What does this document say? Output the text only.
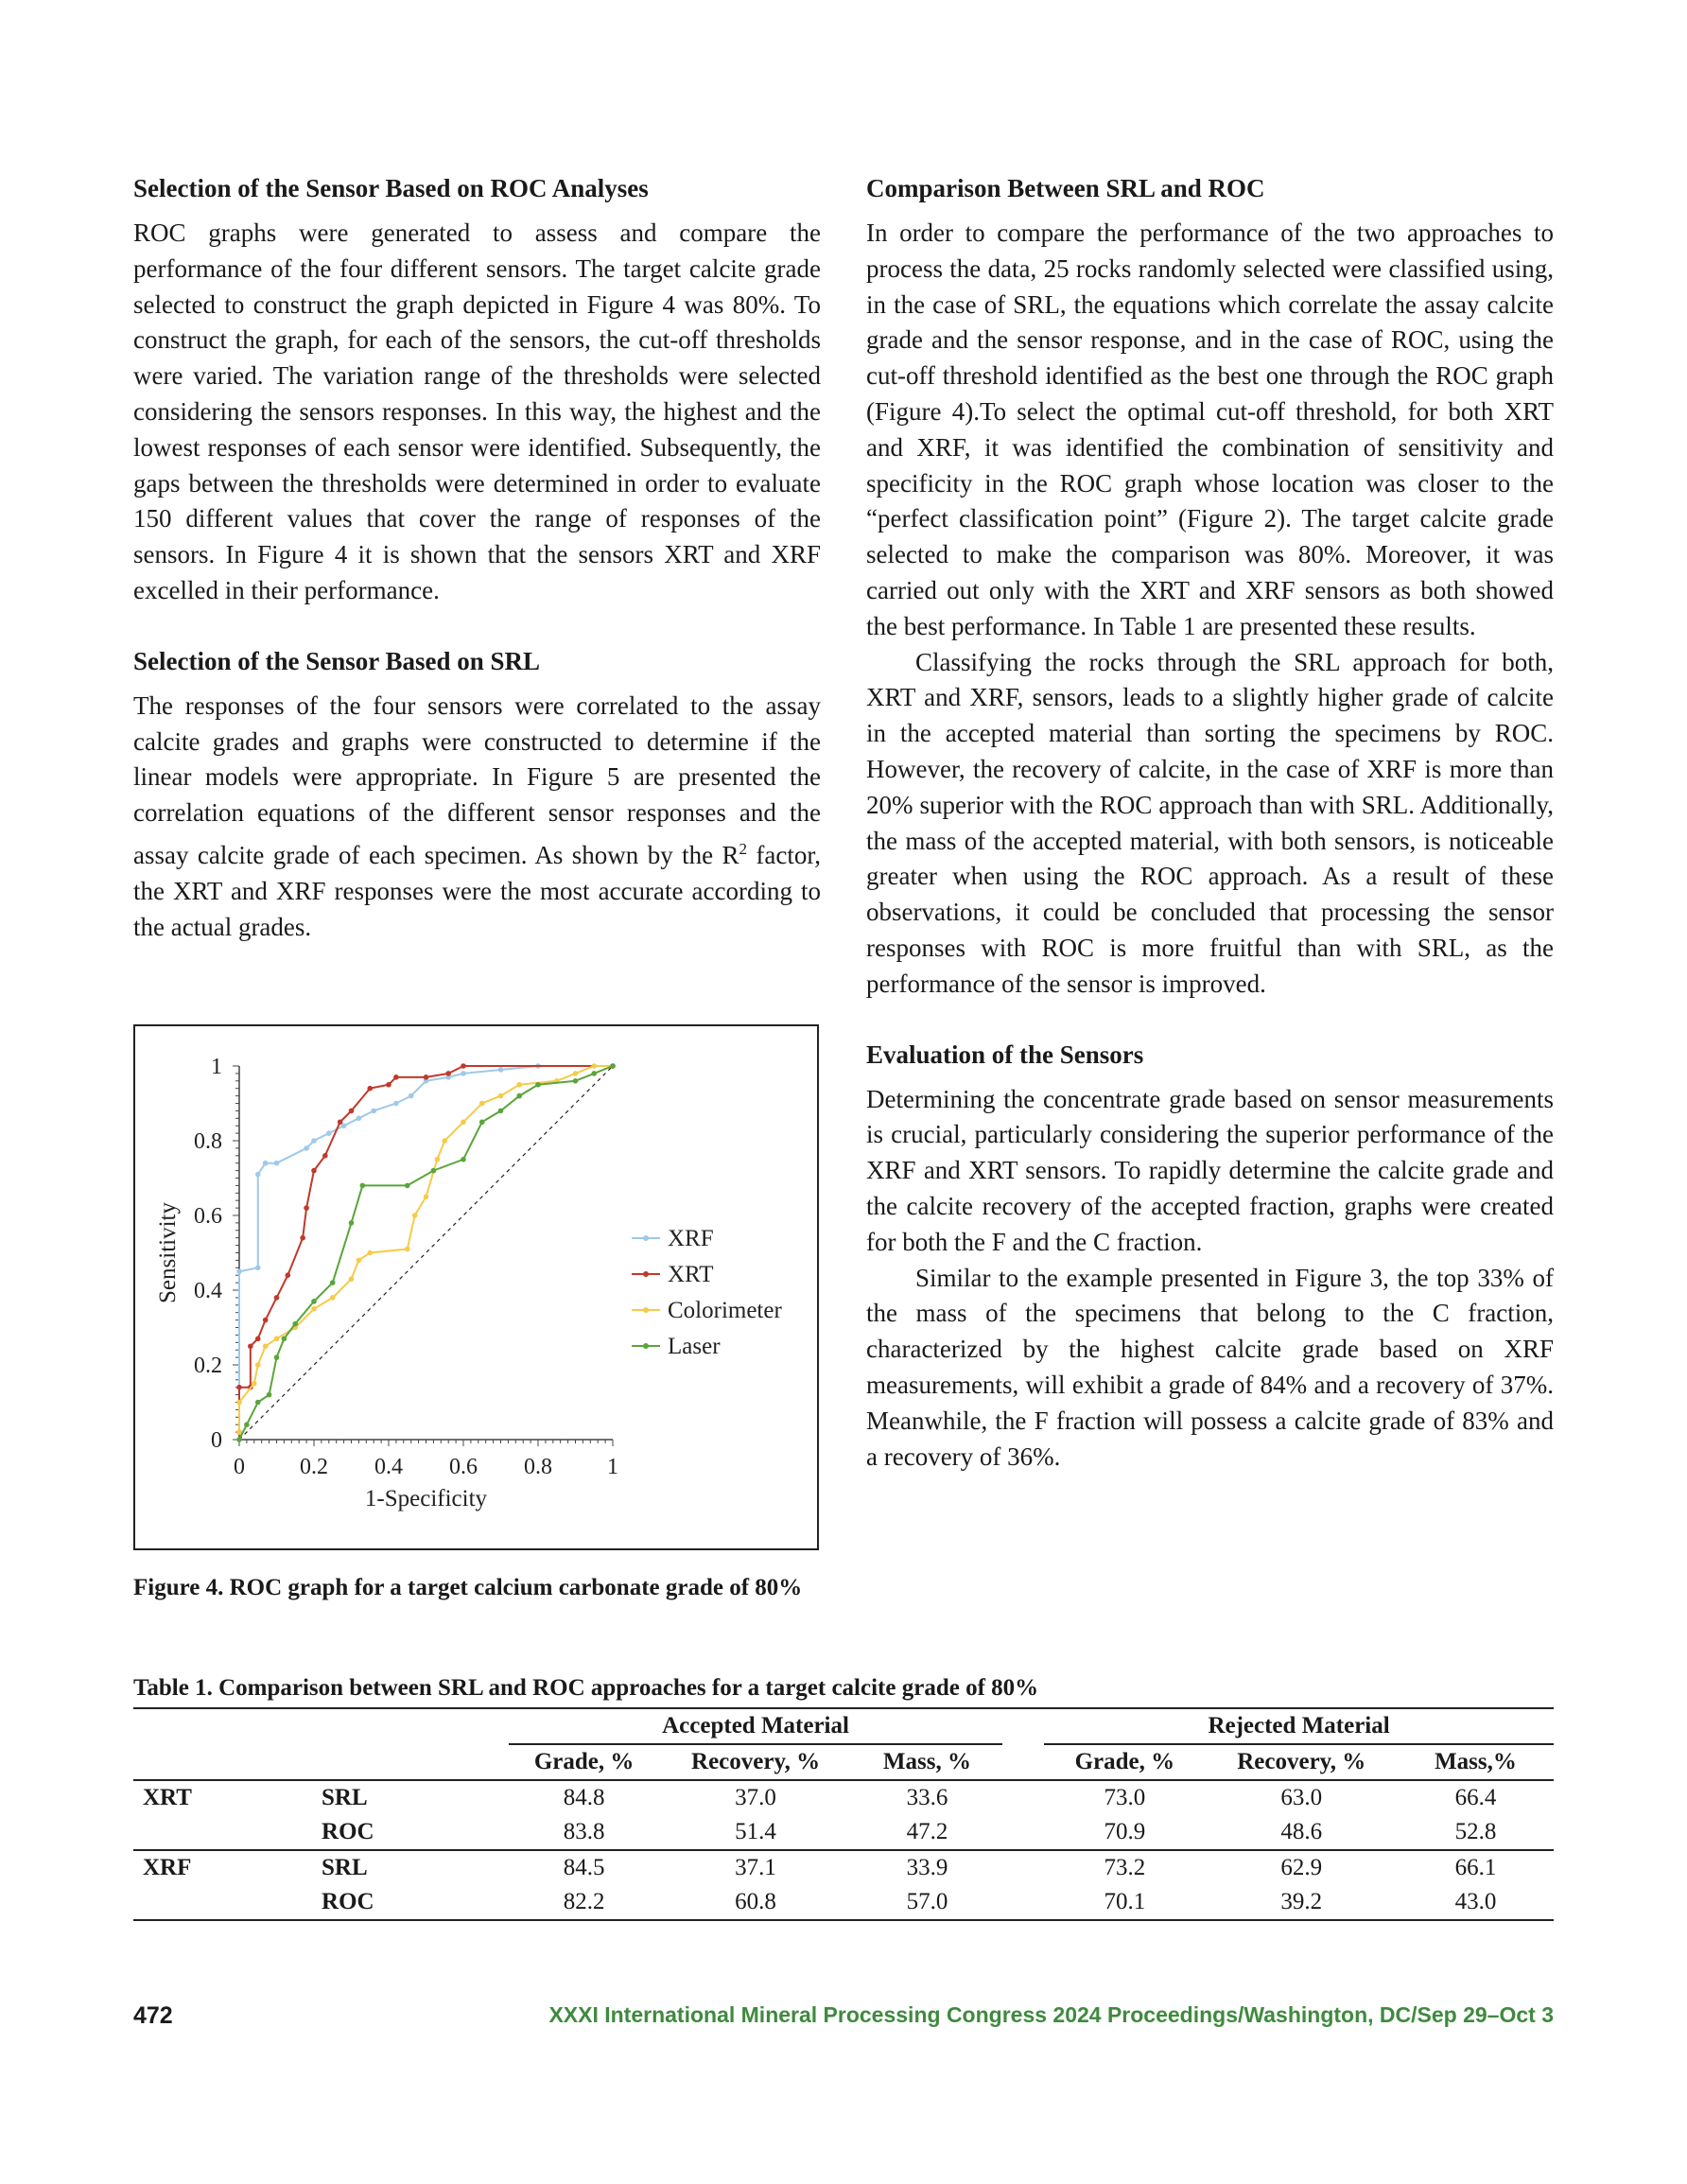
Selection of the Sensor Based on ROC Analyses

ROC graphs were generated to assess and compare the performance of the four different sensors. The target calcite grade selected to construct the graph depicted in Figure 4 was 80%. To construct the graph, for each of the sensors, the cut-off thresholds were varied. The variation range of the thresholds were selected considering the sensors responses. In this way, the highest and the lowest responses of each sensor were identified. Subsequently, the gaps between the thresholds were determined in order to evaluate 150 different values that cover the range of responses of the sensors. In Figure 4 it is shown that the sensors XRT and XRF excelled in their performance.

Selection of the Sensor Based on SRL

The responses of the four sensors were correlated to the assay calcite grades and graphs were constructed to determine if the linear models were appropriate. In Figure 5 are presented the correlation equations of the different sensor responses and the assay calcite grade of each specimen. As shown by the $R^2$ factor, the XRT and XRF responses were the most accurate according to the actual grades.

0
0.2
0.4
0.6
0.8
1
0 0.2 0.4 0.6 0.8 1
1-Specificity
Sensitivity	XRF
XRT
Colorimeter
Laser
Figure 4. ROC graph for a target calcium carbonate grade of 80%
Comparison Between SRL and ROC

In order to compare the performance of the two approaches to process the data, 25 rocks randomly selected were classified using, in the case of SRL, the equations which correlate the assay calcite grade and the sensor response, and in the case of ROC, using the cut-off threshold identified as the best one through the ROC graph (Figure 4).To select the optimal cut-off threshold, for both XRT and XRF, it was identified the combination of sensitivity and specificity in the ROC graph whose location was closer to the “perfect classification point” (Figure 2). The target calcite grade selected to make the comparison was 80%. Moreover, it was carried out only with the XRT and XRF sensors as both showed the best performance. In Table 1 are presented these results.

Classifying the rocks through the SRL approach for both, XRT and XRF, sensors, leads to a slightly higher grade of calcite in the accepted material than sorting the specimens by ROC. However, the recovery of calcite, in the case of XRF is more than 20% superior with the ROC approach than with SRL. Additionally, the mass of the accepted material, with both sensors, is noticeable greater when using the ROC approach. As a result of these observations, it could be concluded that processing the sensor responses with ROC is more fruitful than with SRL, as the performance of the sensor is improved.

Evaluation of the Sensors

Determining the concentrate grade based on sensor measurements is crucial, particularly considering the superior performance of the XRF and XRT sensors. To rapidly determine the calcite grade and the calcite recovery of the accepted fraction, graphs were created for both the F and the C fraction.

Similar to the example presented in Figure 3, the top 33% of the mass of the specimens that belong to the C fraction, characterized by the highest calcite grade based on XRF measurements, will exhibit a grade of 84% and a recovery of 37%. Meanwhile, the F fraction will possess a calcite grade of 83% and a recovery of 36%.

Table 1. Comparison between SRL and ROC approaches for a target calcite grade of 80%
		Accepted Material				Rejected Material		
		Grade, %	Recovery, %	Mass, %		Grade, %	Recovery, %	Mass,%
XRT	SRL	84.8	37.0	33.6		73.0	63.0	66.4
	ROC	83.8	51.4	47.2		70.9	48.6	52.8
XRF	SRL	84.5	37.1	33.9		73.2	62.9	66.1
	ROC	82.2	60.8	57.0		70.1	39.2	43.0
472	XXXI International Mineral Processing Congress 2024 Proceedings/Washington, DC/Sep 29–Oct 3
